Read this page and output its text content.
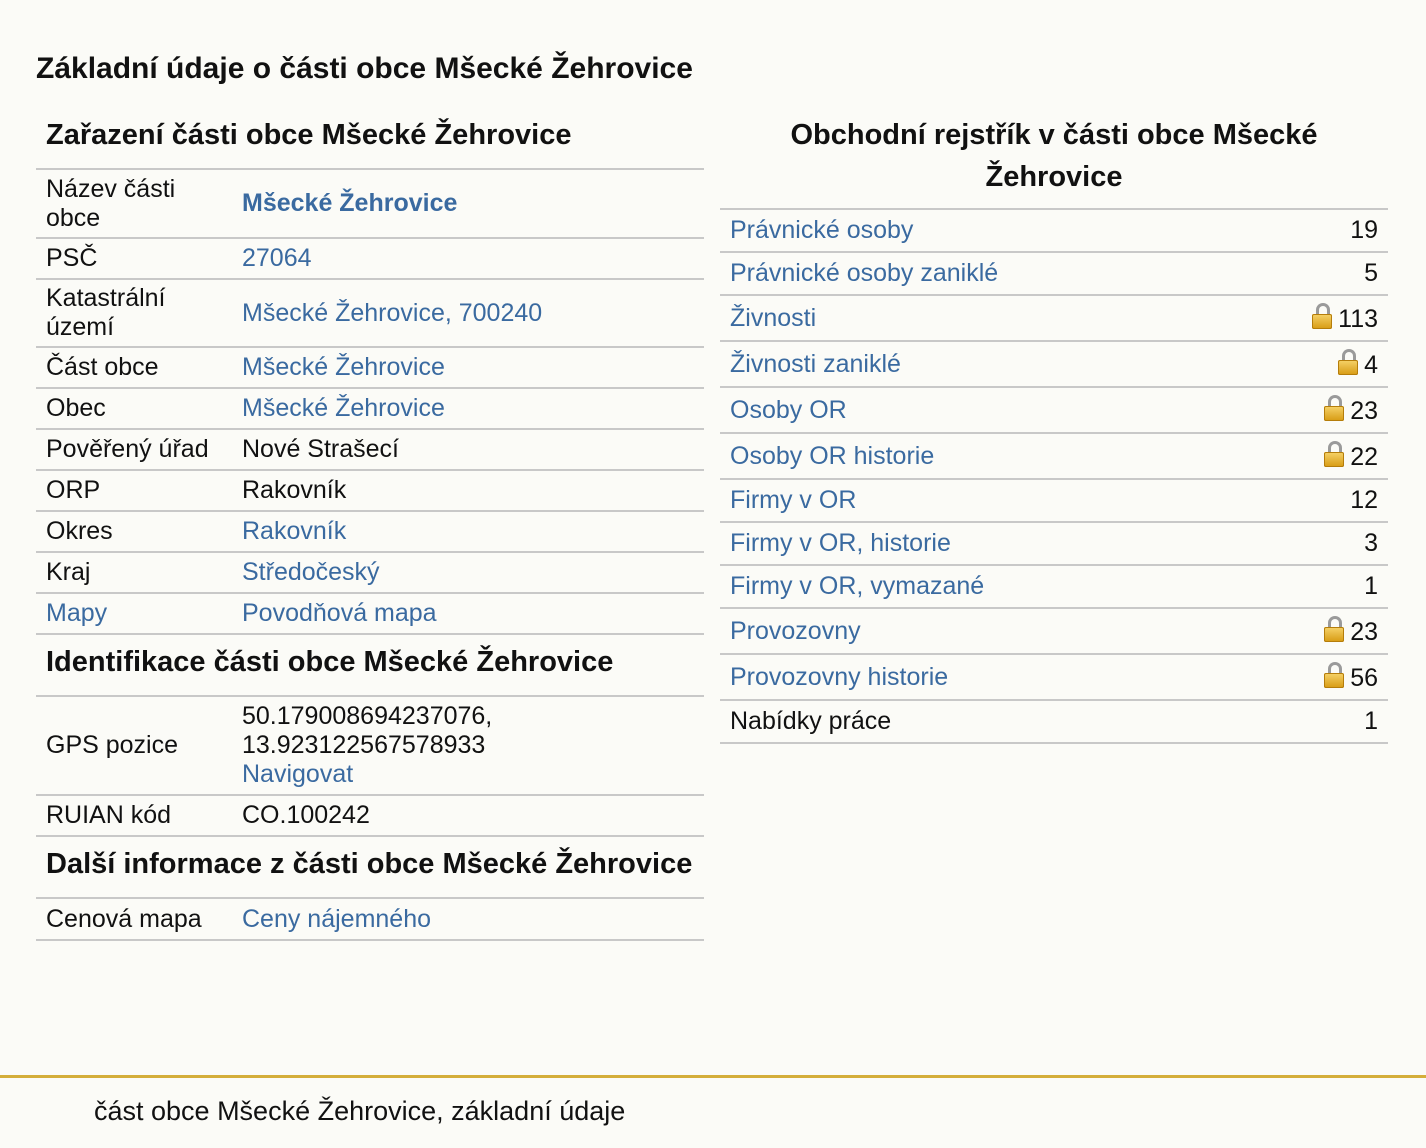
Základní údaje o části obce Mšecké Žehrovice
Zařazení části obce Mšecké Žehrovice
Název části obce	Mšecké Žehrovice
PSČ	27064
Katastrální území	Mšecké Žehrovice, 700240
Část obce	Mšecké Žehrovice
Obec	Mšecké Žehrovice
Pověřený úřad	Nové Strašecí
ORP	Rakovník
Okres	Rakovník
Kraj	Středočeský
Mapy	Povodňová mapa
Identifikace části obce Mšecké Žehrovice
GPS pozice	50.179008694237076,
13.923122567578933
Navigovat
RUIAN kód	CO.100242
Další informace z části obce Mšecké Žehrovice
Cenová mapa	Ceny nájemného
Obchodní rejstřík v části obce Mšecké Žehrovice
Právnické osoby	19
Právnické osoby zaniklé	5
Živnosti	113
Živnosti zaniklé	4
Osoby OR	23
Osoby OR historie	22
Firmy v OR	12
Firmy v OR, historie	3
Firmy v OR, vymazané	1
Provozovny	23
Provozovny historie	56
Nabídky práce	1
část obce Mšecké Žehrovice, základní údaje
